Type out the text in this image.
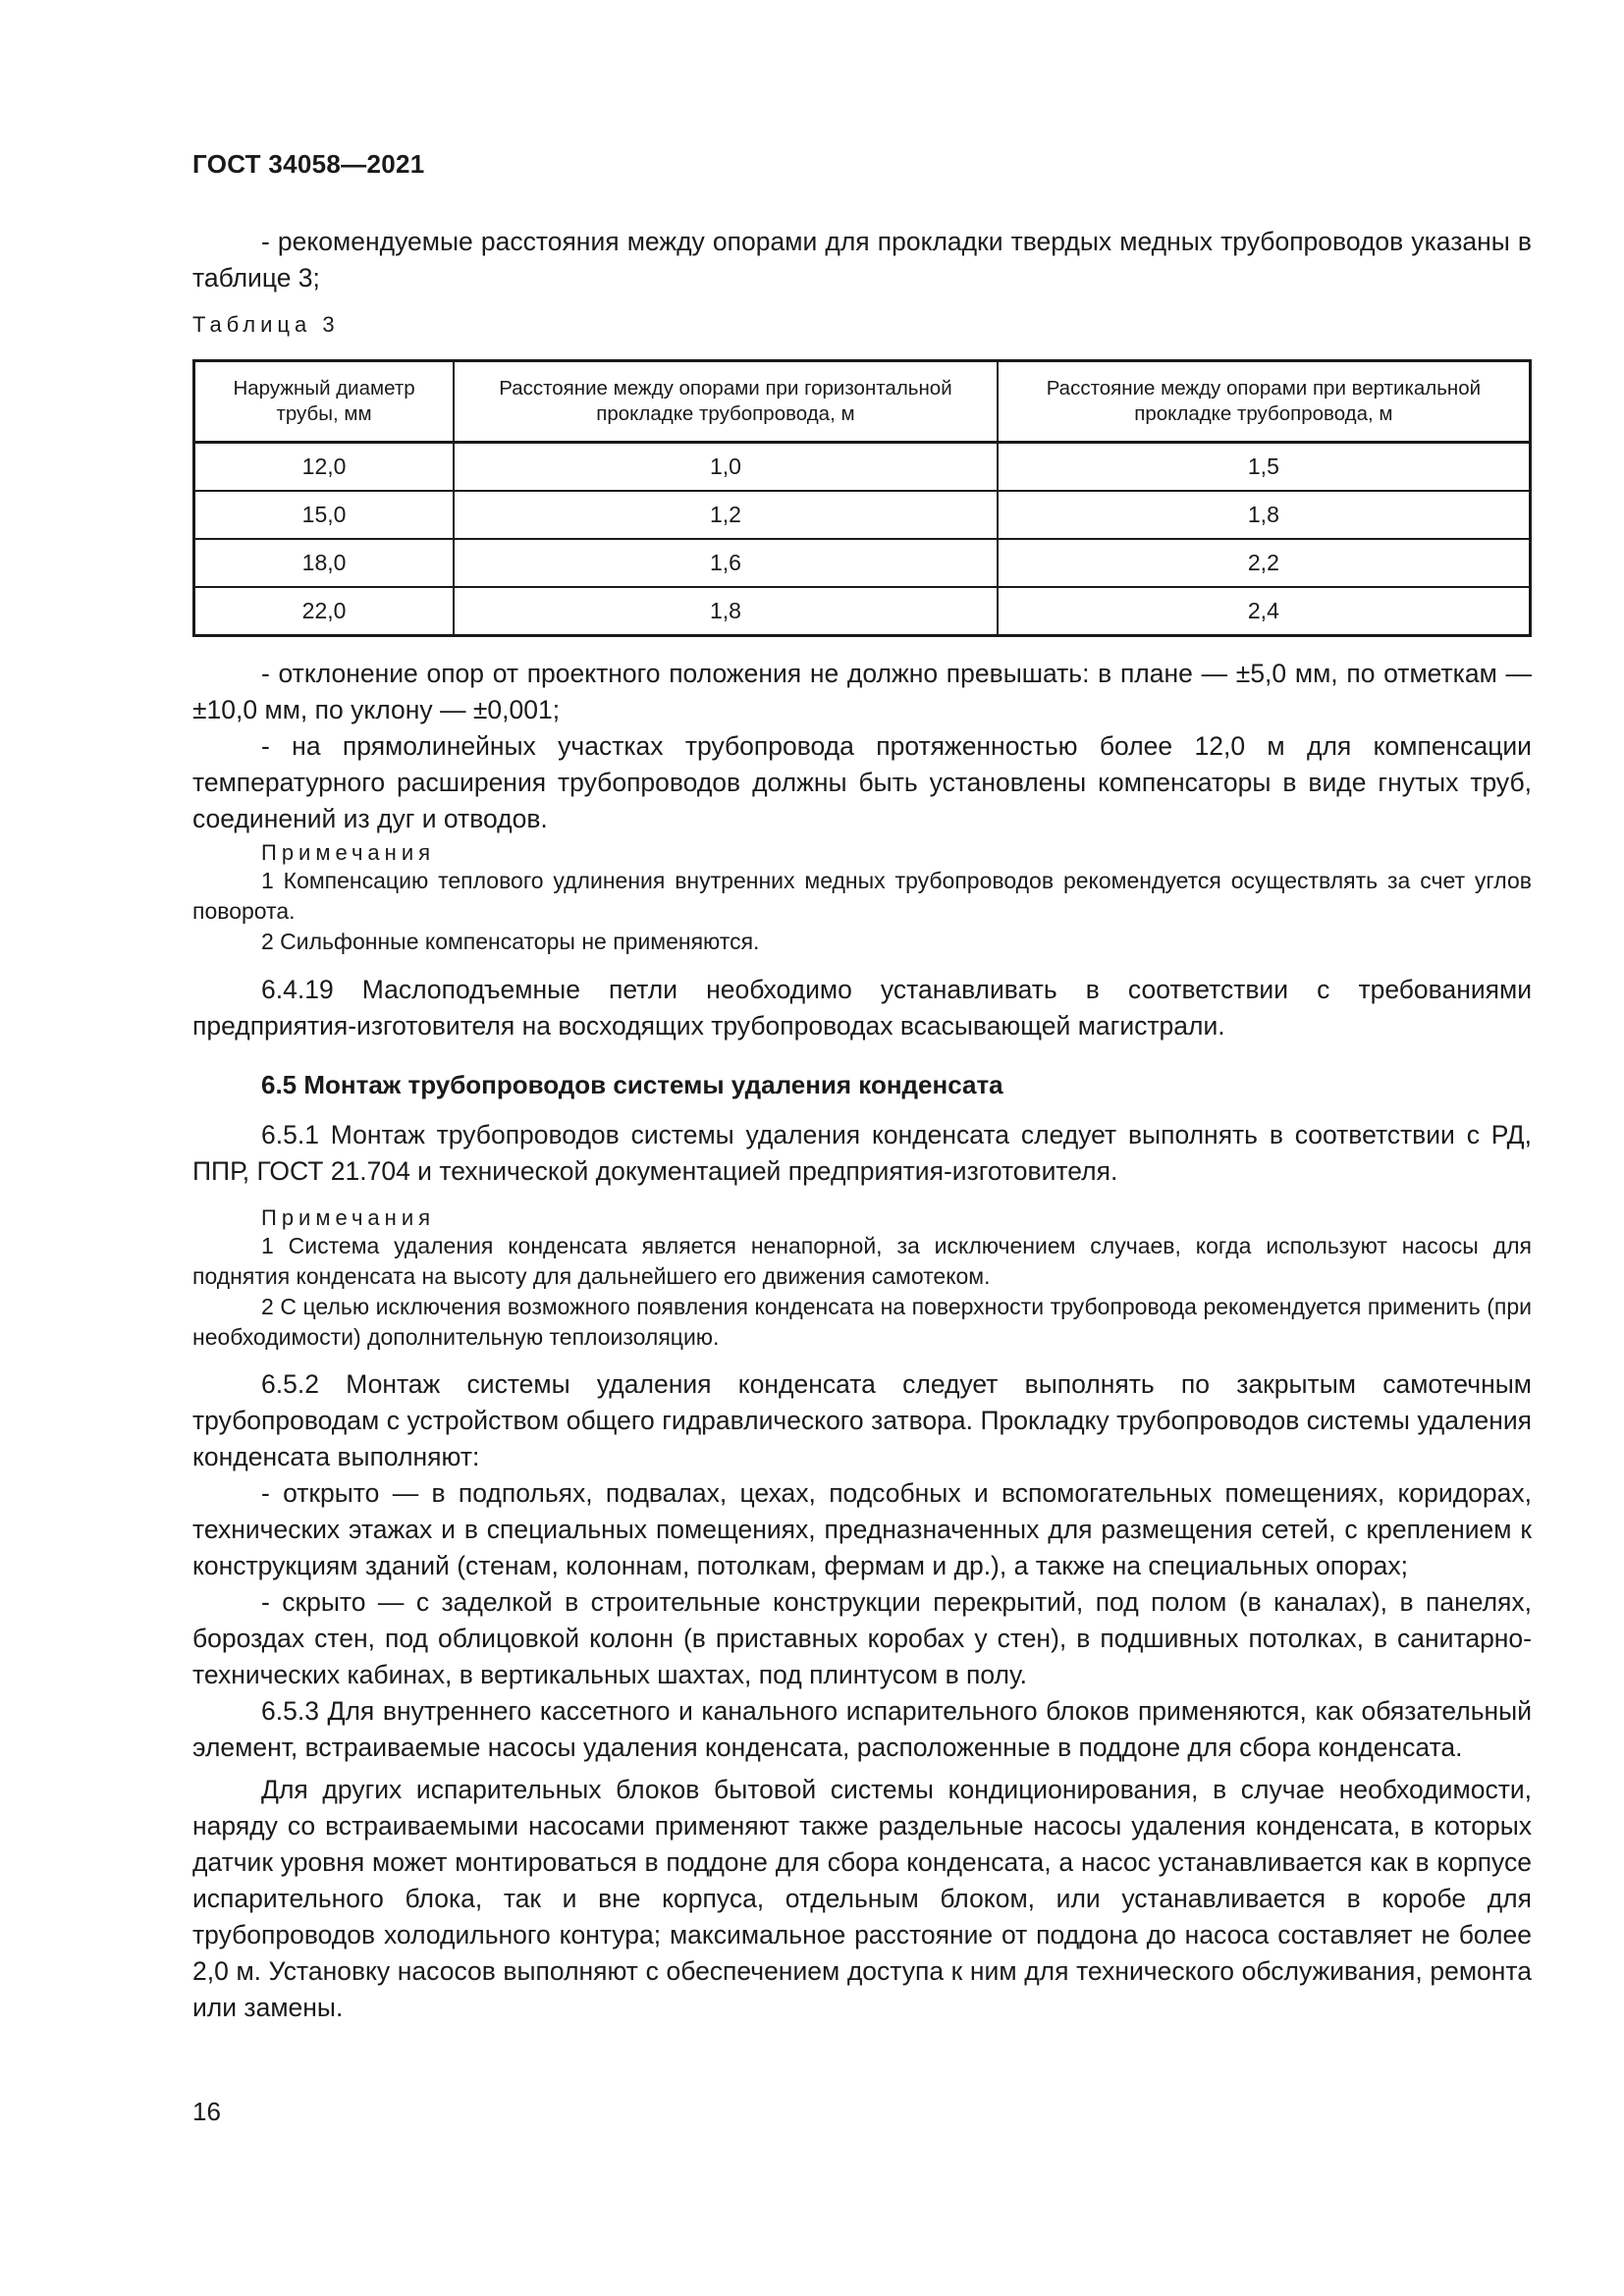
ГОСТ 34058—2021

- рекомендуемые расстояния между опорами для прокладки твердых медных трубопроводов указаны в таблице 3;

Таблица 3
Наружный диаметр трубы, мм	Расстояние между опорами при горизонтальной прокладке трубопровода, м	Расстояние между опорами при вертикальной прокладке трубопровода, м

12,0	1,0	1,5
15,0	1,2	1,8
18,0	1,6	2,2
22,0	1,8	2,4

- отклонение опор от проектного положения не должно превышать: в плане — ±5,0 мм, по отметкам — ±10,0 мм, по уклону — ±0,001;

- на прямолинейных участках трубопровода протяженностью более 12,0 м для компенсации температурного расширения трубопроводов должны быть установлены компенсаторы в виде гнутых труб, соединений из дуг и отводов.

Примечания

1 Компенсацию теплового удлинения внутренних медных трубопроводов рекомендуется осуществлять за счет углов поворота.

2 Сильфонные компенсаторы не применяются.

6.4.19 Маслоподъемные петли необходимо устанавливать в соответствии с требованиями предприятия-изготовителя на восходящих трубопроводах всасывающей магистрали.

6.5 Монтаж трубопроводов системы удаления конденсата

6.5.1 Монтаж трубопроводов системы удаления конденсата следует выполнять в соответствии с РД, ППР, ГОСТ 21.704 и технической документацией предприятия-изготовителя.

Примечания

1 Система удаления конденсата является ненапорной, за исключением случаев, когда используют насосы для поднятия конденсата на высоту для дальнейшего его движения самотеком.

2 С целью исключения возможного появления конденсата на поверхности трубопровода рекомендуется применить (при необходимости) дополнительную теплоизоляцию.

6.5.2 Монтаж системы удаления конденсата следует выполнять по закрытым самотечным трубопроводам с устройством общего гидравлического затвора. Прокладку трубопроводов системы удаления конденсата выполняют:

- открыто — в подпольях, подвалах, цехах, подсобных и вспомогательных помещениях, коридорах, технических этажах и в специальных помещениях, предназначенных для размещения сетей, с креплением к конструкциям зданий (стенам, колоннам, потолкам, фермам и др.), а также на специальных опорах;

- скрыто — с заделкой в строительные конструкции перекрытий, под полом (в каналах), в панелях, бороздах стен, под облицовкой колонн (в приставных коробах у стен), в подшивных потолках, в санитарно-технических кабинах, в вертикальных шахтах, под плинтусом в полу.

6.5.3 Для внутреннего кассетного и канального испарительного блоков применяются, как обязательный элемент, встраиваемые насосы удаления конденсата, расположенные в поддоне для сбора конденсата.

Для других испарительных блоков бытовой системы кондиционирования, в случае необходимости, наряду со встраиваемыми насосами применяют также раздельные насосы удаления конденсата, в которых датчик уровня может монтироваться в поддоне для сбора конденсата, а насос устанавливается как в корпусе испарительного блока, так и вне корпуса, отдельным блоком, или устанавливается в коробе для трубопроводов холодильного контура; максимальное расстояние от поддона до насоса составляет не более 2,0 м. Установку насосов выполняют с обеспечением доступа к ним для технического обслуживания, ремонта или замены.

16
